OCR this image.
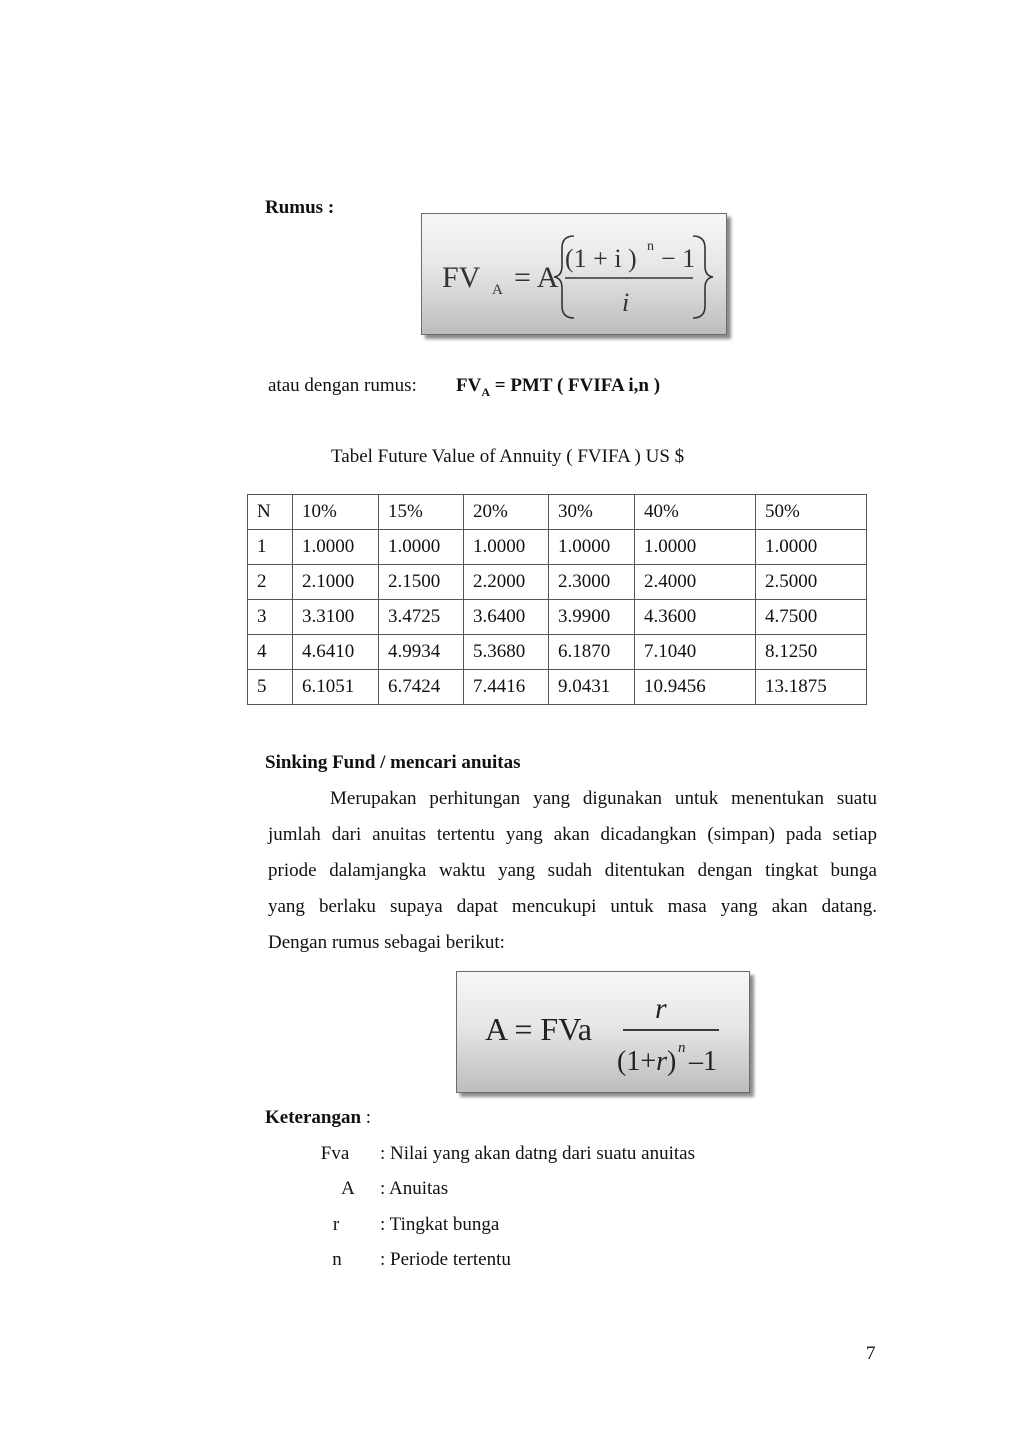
Rumus :
FV A = A
(1 + i ) n − 1
i
atau dengan rumus: $FV_A$ = PMT ( FVIFA i,n )
Tabel Future Value of Annuity ( FVIFA ) US $
N	10%	15%	20%	30%	40%	50%
1	1.0000	1.0000	1.0000	1.0000	1.0000	1.0000
2	2.1000	2.1500	2.2000	2.3000	2.4000	2.5000
3	3.3100	3.4725	3.6400	3.9900	4.3600	4.7500
4	4.6410	4.9934	5.3680	6.1870	7.1040	8.1250
5	6.1051	6.7424	7.4416	9.0431	10.9456	13.1875
Sinking Fund / mencari anuitas
Merupakan perhitungan yang digunakan untuk menentukan suatu
jumlah dari anuitas tertentu yang akan dicadangkan (simpan) pada setiap
priode dalamjangka waktu yang sudah ditentukan dengan tingkat bunga
yang berlaku supaya dapat mencukupi untuk masa yang akan datang.
Dengan rumus sebagai berikut:
A = FVa
r
(1+r) n –1
Keterangan :
Fva	: Nilai yang akan datng dari suatu anuitas
A	: Anuitas
r	: Tingkat bunga
n	: Periode tertentu
7
